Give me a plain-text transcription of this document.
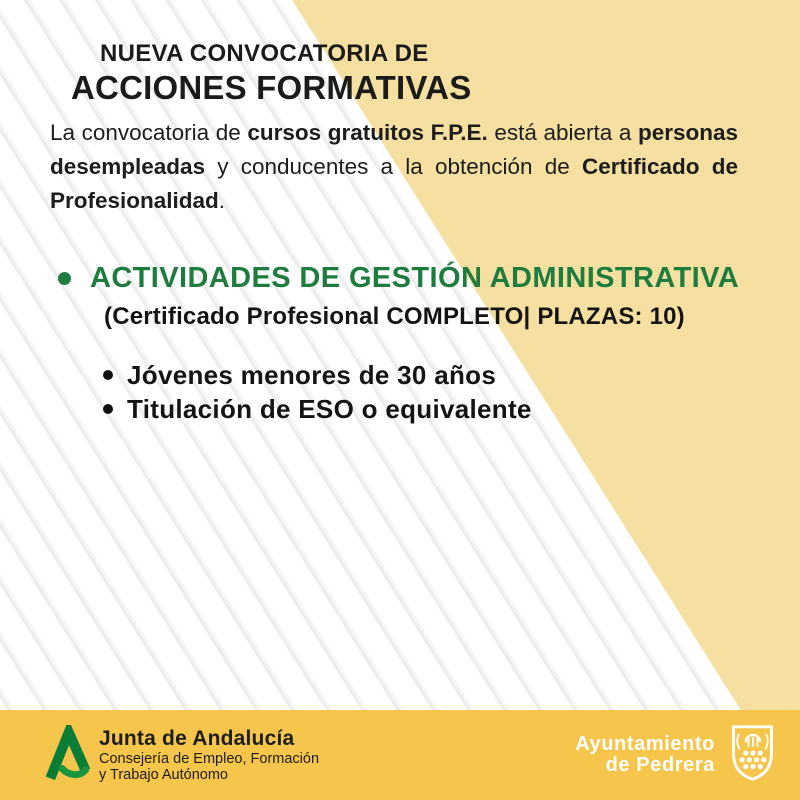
NUEVA CONVOCATORIA DE
ACCIONES FORMATIVAS
La convocatoria de cursos gratuitos F.P.E. está abierta a personas
desempleadas y conducentes a la obtención de Certificado de
Profesionalidad.
ACTIVIDADES DE GESTIÓN ADMINISTRATIVA
(Certificado Profesional COMPLETO| PLAZAS: 10)
Jóvenes menores de 30 años
Titulación de ESO o equivalente
Junta de Andalucía
Consejería de Empleo, Formación
y Trabajo Autónomo
Ayuntamiento
de Pedrera
